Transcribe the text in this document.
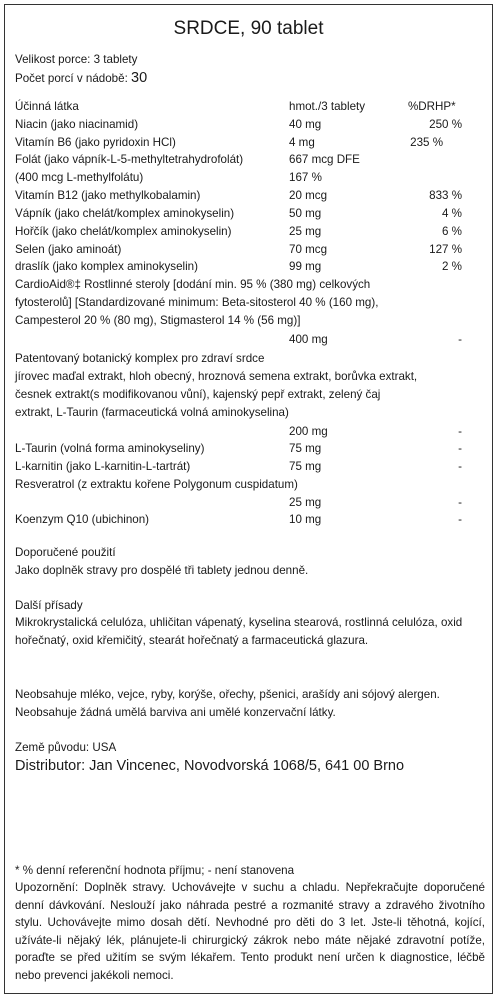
SRDCE, 90 tablet
Velikost porce: 3 tablety
Počet porcí v nádobě: 30
Účinná látka	hmot./3 tablety	%DRHP*
Niacin (jako niacinamid)	40 mg	250 %
Vitamín B6 (jako pyridoxin HCl)	4 mg	235 %
Folát (jako vápník-L-5-methyltetrahydrofolát)	667 mcg DFE
(400 mcg L-methylfolátu)	167 %
Vitamín B12 (jako methylkobalamin)	20 mcg	833 %
Vápník (jako chelát/komplex aminokyselin)	50 mg	4 %
Hořčík (jako chelát/komplex aminokyselin)	25 mg	6 %
Selen (jako aminoát)	70 mcg	127 %
draslík (jako komplex aminokyselin)	99 mg	2 %
CardioAid®‡ Rostlinné steroly [dodání min. 95 % (380 mg) celkových
fytosterolů] [Standardizované minimum: Beta-sitosterol 40 % (160 mg),
Campesterol 20 % (80 mg), Stigmasterol 14 % (56 mg)]
400 mg	-
Patentovaný botanický komplex pro zdraví srdce
jírovec maďal extrakt, hloh obecný, hroznová semena extrakt, borůvka extrakt,
česnek extrakt(s modifikovanou vůní), kajenský pepř extrakt, zelený čaj
extrakt, L-Taurin (farmaceutická volná aminokyselina)
200 mg	-
L-Taurin (volná forma aminokyseliny)	75 mg	-
L-karnitin (jako L-karnitin-L-tartrát)	75 mg	-
Resveratrol (z extraktu kořene Polygonum cuspidatum)
25 mg	-
Koenzym Q10 (ubichinon)	10 mg	-
Doporučené použití
Jako doplněk stravy pro dospělé tři tablety jednou denně.
Další přísady
Mikrokrystalická celulóza, uhličitan vápenatý, kyselina stearová, rostlinná celulóza, oxid hořečnatý, oxid křemičitý, stearát hořečnatý a farmaceutická glazura.
Neobsahuje mléko, vejce, ryby, korýše, ořechy, pšenici, arašídy ani sójový alergen. Neobsahuje žádná umělá barviva ani umělé konzervační látky.
Země původu: USA
Distributor: Jan Vincenec, Novodvorská 1068/5, 641 00 Brno
* % denní referenční hodnota příjmu; - není stanovena
Upozornění: Doplněk stravy. Uchovávejte v suchu a chladu. Nepřekračujte doporučené denní dávkování. Neslouží jako náhrada pestré a rozmanité stravy a zdravého životního stylu. Uchovávejte mimo dosah dětí. Nevhodné pro děti do 3 let. Jste-li těhotná, kojící, užíváte-li nějaký lék, plánujete-li chirurgický zákrok nebo máte nějaké zdravotní potíže, poraďte se před užitím se svým lékařem. Tento produkt není určen k diagnostice, léčbě nebo prevenci jakékoli nemoci.
